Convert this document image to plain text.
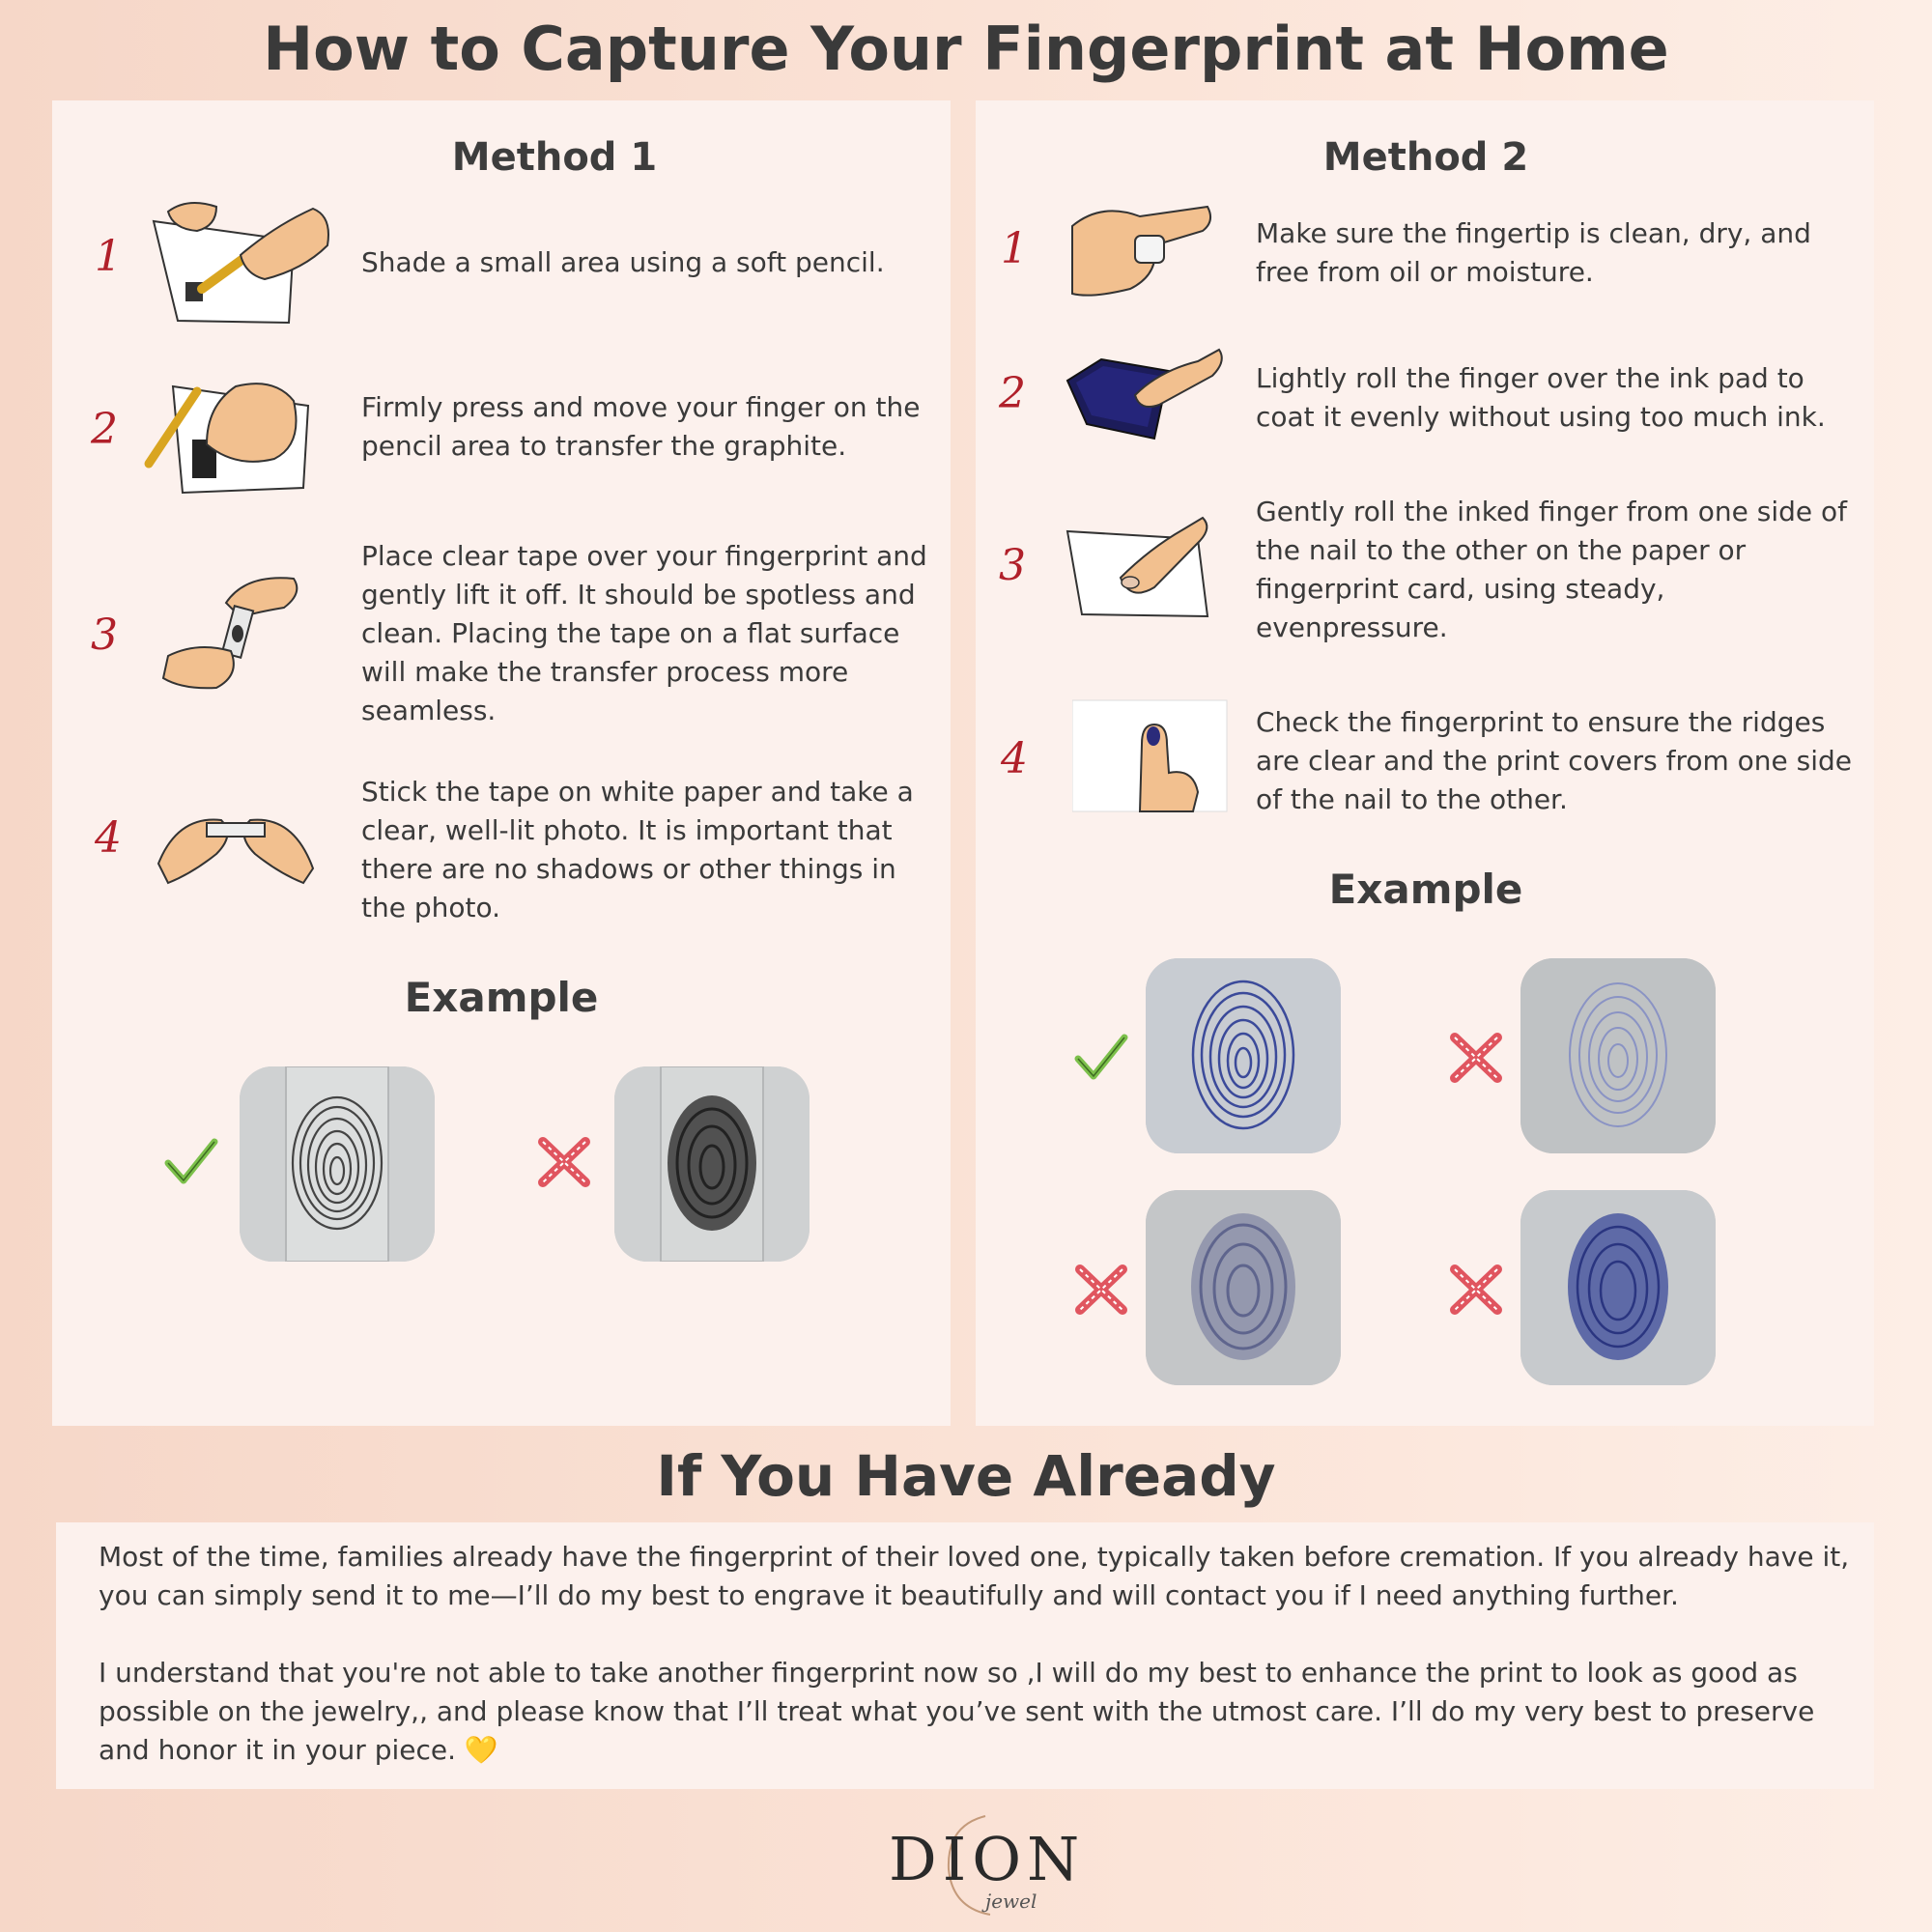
How to Capture Your Fingerprint at Home
Method 1
1	Shade a small area using a soft pencil.
2	Firmly press and move your finger on the pencil area to transfer the graphite.
3
Place clear tape over your fingerprint and gently lift it off. It should be spotless and clean. Placing the tape on a flat surface will make the transfer process more seamless.
4
Stick the tape on white paper and take a clear, well-lit photo. It is important that there are no shadows or other things in the photo.
Example
Method 2
1	Make sure the fingertip is clean, dry, and free from oil or moisture.
2	Lightly roll the finger over the ink pad to coat it evenly without using too much ink.
3
Gently roll the inked finger from one side of the nail to the other on the paper or fingerprint card, using steady, evenpressure.
4
Check the fingerprint to ensure the ridges are clear and the print covers from one side of the nail to the other.
Example
If You Have Already
Most of the time, families already have the fingerprint of their loved one, typically taken before cremation. If you already have it, you can simply send it to me—I’ll do my best to engrave it beautifully and will contact you if I need anything further.
I understand that you're not able to take another fingerprint now so ,I will do my best to enhance the print to look as good as possible on the jewelry,, and please know that I’ll treat what you’ve sent with the utmost care. I’ll do my very best to preserve and honor it in your piece. 💛
DION
jewel
